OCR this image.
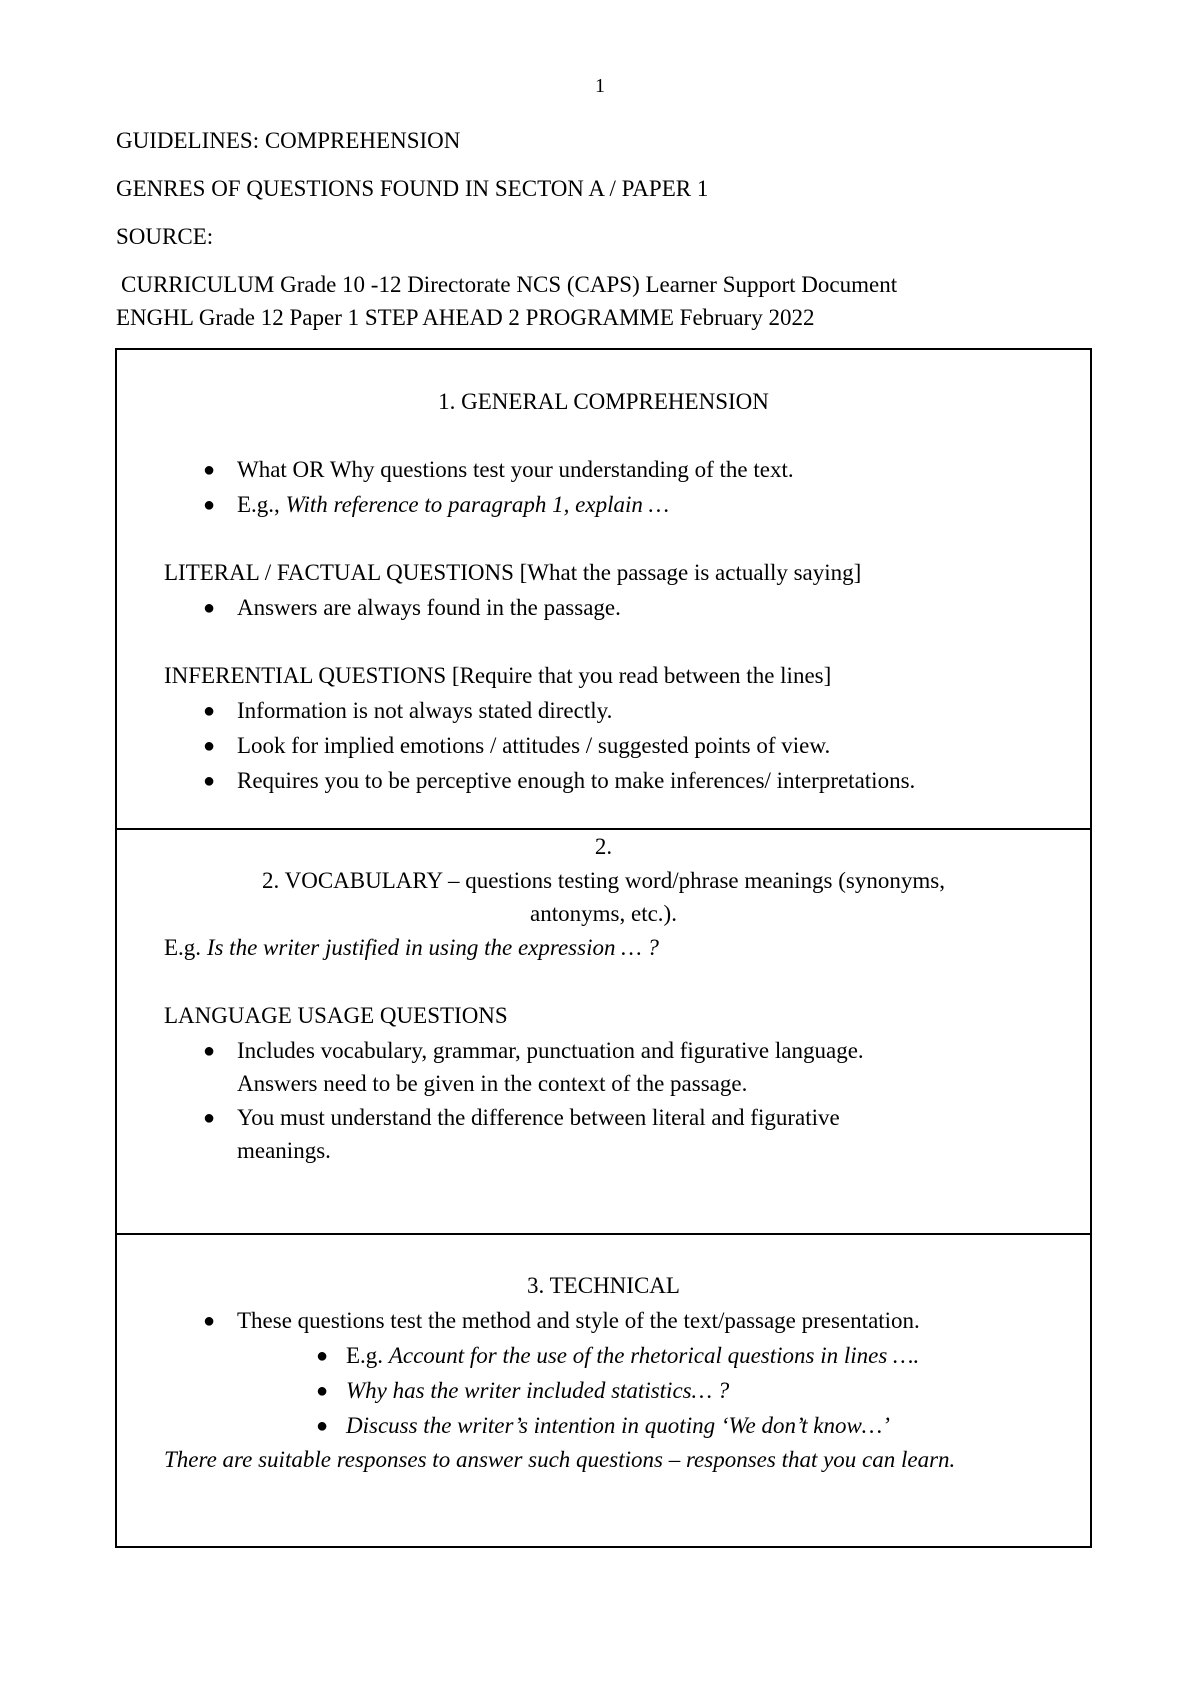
1
GUIDELINES: COMPREHENSION
GENRES OF QUESTIONS FOUND IN SECTON A / PAPER 1
SOURCE:
CURRICULUM Grade 10 -12 Directorate NCS (CAPS) Learner Support Document
ENGHL Grade 12 Paper 1 STEP AHEAD 2 PROGRAMME February 2022
1. GENERAL COMPREHENSION
● What OR Why questions test your understanding of the text.
● E.g., With reference to paragraph 1, explain …
LITERAL / FACTUAL QUESTIONS [What the passage is actually saying]
● Answers are always found in the passage.
INFERENTIAL QUESTIONS [Require that you read between the lines]
● Information is not always stated directly.
● Look for implied emotions / attitudes / suggested points of view.
● Requires you to be perceptive enough to make inferences/ interpretations.
2.
2. VOCABULARY – questions testing word/phrase meanings (synonyms,
antonyms, etc.).
E.g. Is the writer justified in using the expression … ?
LANGUAGE USAGE QUESTIONS
● Includes vocabulary, grammar, punctuation and figurative language.
Answers need to be given in the context of the passage.
● You must understand the difference between literal and figurative
meanings.
3. TECHNICAL
● These questions test the method and style of the text/passage presentation.
● E.g. Account for the use of the rhetorical questions in lines ….
● Why has the writer included statistics… ?
● Discuss the writer’s intention in quoting ‘We don’t know…’
There are suitable responses to answer such questions – responses that you can learn.
